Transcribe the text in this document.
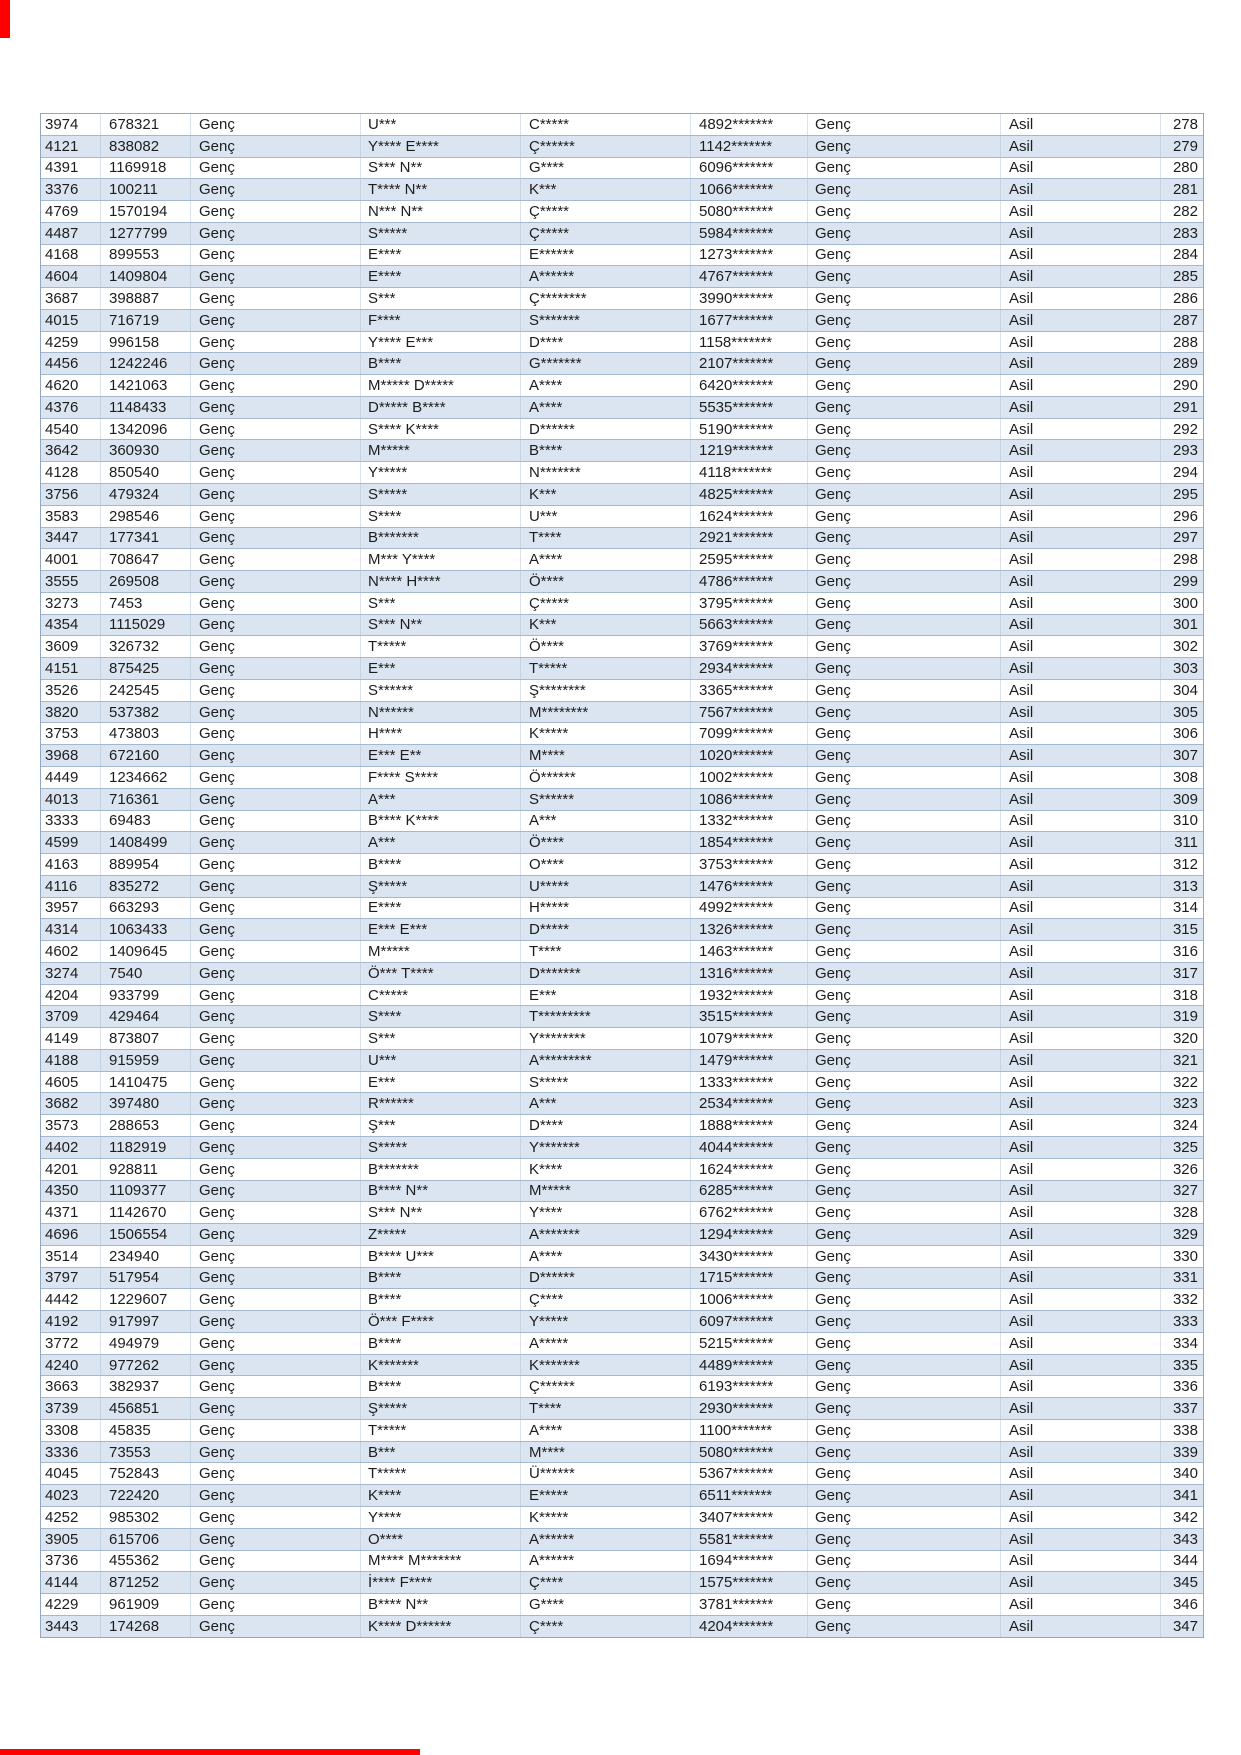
3974	678321	Genç	U***	C*****	4892*******	Genç	Asil	278
4121	838082	Genç	Y**** E****	Ç******	1142*******	Genç	Asil	279
4391	1169918	Genç	S*** N**	G****	6096*******	Genç	Asil	280
3376	100211	Genç	T**** N**	K***	1066*******	Genç	Asil	281
4769	1570194	Genç	N*** N**	Ç*****	5080*******	Genç	Asil	282
4487	1277799	Genç	S*****	Ç*****	5984*******	Genç	Asil	283
4168	899553	Genç	E****	E******	1273*******	Genç	Asil	284
4604	1409804	Genç	E****	A******	4767*******	Genç	Asil	285
3687	398887	Genç	S***	Ç********	3990*******	Genç	Asil	286
4015	716719	Genç	F****	S*******	1677*******	Genç	Asil	287
4259	996158	Genç	Y**** E***	D****	1158*******	Genç	Asil	288
4456	1242246	Genç	B****	G*******	2107*******	Genç	Asil	289
4620	1421063	Genç	M***** D*****	A****	6420*******	Genç	Asil	290
4376	1148433	Genç	D***** B****	A****	5535*******	Genç	Asil	291
4540	1342096	Genç	S**** K****	D******	5190*******	Genç	Asil	292
3642	360930	Genç	M*****	B****	1219*******	Genç	Asil	293
4128	850540	Genç	Y*****	N*******	4118*******	Genç	Asil	294
3756	479324	Genç	S*****	K***	4825*******	Genç	Asil	295
3583	298546	Genç	S****	U***	1624*******	Genç	Asil	296
3447	177341	Genç	B*******	T****	2921*******	Genç	Asil	297
4001	708647	Genç	M*** Y****	A****	2595*******	Genç	Asil	298
3555	269508	Genç	N**** H****	Ö****	4786*******	Genç	Asil	299
3273	7453	Genç	S***	Ç*****	3795*******	Genç	Asil	300
4354	1115029	Genç	S*** N**	K***	5663*******	Genç	Asil	301
3609	326732	Genç	T*****	Ö****	3769*******	Genç	Asil	302
4151	875425	Genç	E***	T*****	2934*******	Genç	Asil	303
3526	242545	Genç	S******	Ş********	3365*******	Genç	Asil	304
3820	537382	Genç	N******	M********	7567*******	Genç	Asil	305
3753	473803	Genç	H****	K*****	7099*******	Genç	Asil	306
3968	672160	Genç	E*** E**	M****	1020*******	Genç	Asil	307
4449	1234662	Genç	F**** S****	Ö******	1002*******	Genç	Asil	308
4013	716361	Genç	A***	S******	1086*******	Genç	Asil	309
3333	69483	Genç	B**** K****	A***	1332*******	Genç	Asil	310
4599	1408499	Genç	A***	Ö****	1854*******	Genç	Asil	311
4163	889954	Genç	B****	O****	3753*******	Genç	Asil	312
4116	835272	Genç	Ş*****	U*****	1476*******	Genç	Asil	313
3957	663293	Genç	E****	H*****	4992*******	Genç	Asil	314
4314	1063433	Genç	E*** E***	D*****	1326*******	Genç	Asil	315
4602	1409645	Genç	M*****	T****	1463*******	Genç	Asil	316
3274	7540	Genç	Ö*** T****	D*******	1316*******	Genç	Asil	317
4204	933799	Genç	C*****	E***	1932*******	Genç	Asil	318
3709	429464	Genç	S****	T*********	3515*******	Genç	Asil	319
4149	873807	Genç	S***	Y********	1079*******	Genç	Asil	320
4188	915959	Genç	U***	A*********	1479*******	Genç	Asil	321
4605	1410475	Genç	E***	S*****	1333*******	Genç	Asil	322
3682	397480	Genç	R******	A***	2534*******	Genç	Asil	323
3573	288653	Genç	Ş***	D****	1888*******	Genç	Asil	324
4402	1182919	Genç	S*****	Y*******	4044*******	Genç	Asil	325
4201	928811	Genç	B*******	K****	1624*******	Genç	Asil	326
4350	1109377	Genç	B**** N**	M*****	6285*******	Genç	Asil	327
4371	1142670	Genç	S*** N**	Y****	6762*******	Genç	Asil	328
4696	1506554	Genç	Z*****	A*******	1294*******	Genç	Asil	329
3514	234940	Genç	B**** U***	A****	3430*******	Genç	Asil	330
3797	517954	Genç	B****	D******	1715*******	Genç	Asil	331
4442	1229607	Genç	B****	Ç****	1006*******	Genç	Asil	332
4192	917997	Genç	Ö*** F****	Y*****	6097*******	Genç	Asil	333
3772	494979	Genç	B****	A*****	5215*******	Genç	Asil	334
4240	977262	Genç	K*******	K*******	4489*******	Genç	Asil	335
3663	382937	Genç	B****	Ç******	6193*******	Genç	Asil	336
3739	456851	Genç	Ş*****	T****	2930*******	Genç	Asil	337
3308	45835	Genç	T*****	A****	1100*******	Genç	Asil	338
3336	73553	Genç	B***	M****	5080*******	Genç	Asil	339
4045	752843	Genç	T*****	Ü******	5367*******	Genç	Asil	340
4023	722420	Genç	K****	E*****	6511*******	Genç	Asil	341
4252	985302	Genç	Y****	K*****	3407*******	Genç	Asil	342
3905	615706	Genç	O****	A******	5581*******	Genç	Asil	343
3736	455362	Genç	M**** M*******	A******	1694*******	Genç	Asil	344
4144	871252	Genç	İ**** F****	Ç****	1575*******	Genç	Asil	345
4229	961909	Genç	B**** N**	G****	3781*******	Genç	Asil	346
3443	174268	Genç	K**** D******	Ç****	4204*******	Genç	Asil	347
